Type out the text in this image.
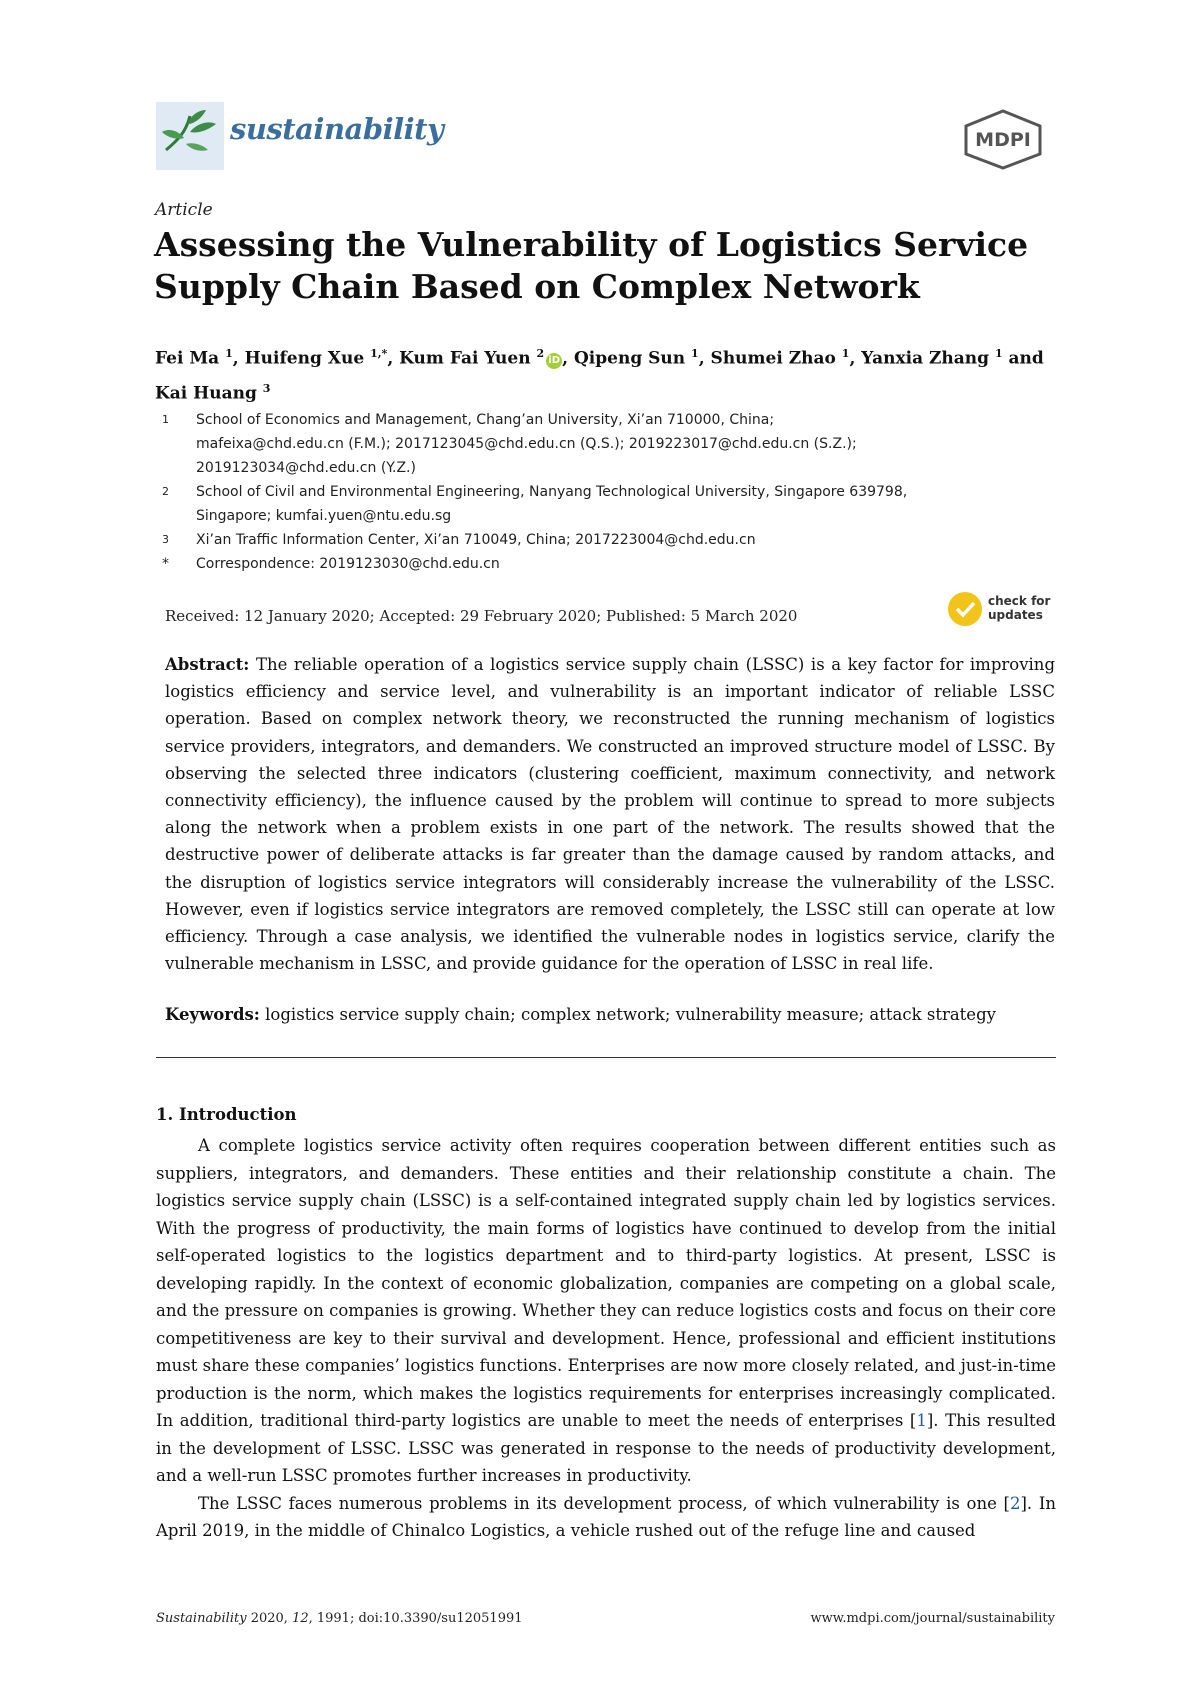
sustainability	MDPI
Article
Assessing the Vulnerability of Logistics Service
Supply Chain Based on Complex Network
Fei Ma $^1$, Huifeng Xue $^{1,*}$, Kum Fai Yuen $^2$iD , Qipeng Sun $^1$, Shumei Zhao $^1$, Yanxia Zhang $^1$ and
Kai Huang $^3$
1 School of Economics and Management, Chang’an University, Xi’an 710000, China;
mafeixa@chd.edu.cn (F.M.); 2017123045@chd.edu.cn (Q.S.); 2019223017@chd.edu.cn (S.Z.);
2019123034@chd.edu.cn (Y.Z.)
2 School of Civil and Environmental Engineering, Nanyang Technological University, Singapore 639798,
Singapore; kumfai.yuen@ntu.edu.sg
3 Xi’an Traffic Information Center, Xi’an 710049, China; 2017223004@chd.edu.cn
* Correspondence: 2019123030@chd.edu.cn
Received: 12 January 2020; Accepted: 29 February 2020; Published: 5 March 2020
check for
updates
Abstract: The reliable operation of a logistics service supply chain (LSSC) is a key factor for improving logistics efficiency and service level, and vulnerability is an important indicator of reliable LSSC operation. Based on complex network theory, we reconstructed the running mechanism of logistics service providers, integrators, and demanders. We constructed an improved structure model of LSSC. By observing the selected three indicators (clustering coefficient, maximum connectivity, and network connectivity efficiency), the influence caused by the problem will continue to spread to more subjects along the network when a problem exists in one part of the network. The results showed that the destructive power of deliberate attacks is far greater than the damage caused by random attacks, and the disruption of logistics service integrators will considerably increase the vulnerability of the LSSC. However, even if logistics service integrators are removed completely, the LSSC still can operate at low efficiency. Through a case analysis, we identified the vulnerable nodes in logistics service, clarify the vulnerable mechanism in LSSC, and provide guidance for the operation of LSSC in real life.
Keywords: logistics service supply chain; complex network; vulnerability measure; attack strategy
1. Introduction

A complete logistics service activity often requires cooperation between different entities such as suppliers, integrators, and demanders. These entities and their relationship constitute a chain. The logistics service supply chain (LSSC) is a self-contained integrated supply chain led by logistics services. With the progress of productivity, the main forms of logistics have continued to develop from the initial self-operated logistics to the logistics department and to third-party logistics. At present, LSSC is developing rapidly. In the context of economic globalization, companies are competing on a global scale, and the pressure on companies is growing. Whether they can reduce logistics costs and focus on their core competitiveness are key to their survival and development. Hence, professional and efficient institutions must share these companies’ logistics functions. Enterprises are now more closely related, and just-in-time production is the norm, which makes the logistics requirements for enterprises increasingly complicated. In addition, traditional third-party logistics are unable to meet the needs of enterprises [1]. This resulted in the development of LSSC. LSSC was generated in response to the needs of productivity development, and a well-run LSSC promotes further increases in productivity.

The LSSC faces numerous problems in its development process, of which vulnerability is one [2]. In April 2019, in the middle of Chinalco Logistics, a vehicle rushed out of the refuge line and caused

Sustainability 2020, 12, 1991; doi:10.3390/su12051991	www.mdpi.com/journal/sustainability
